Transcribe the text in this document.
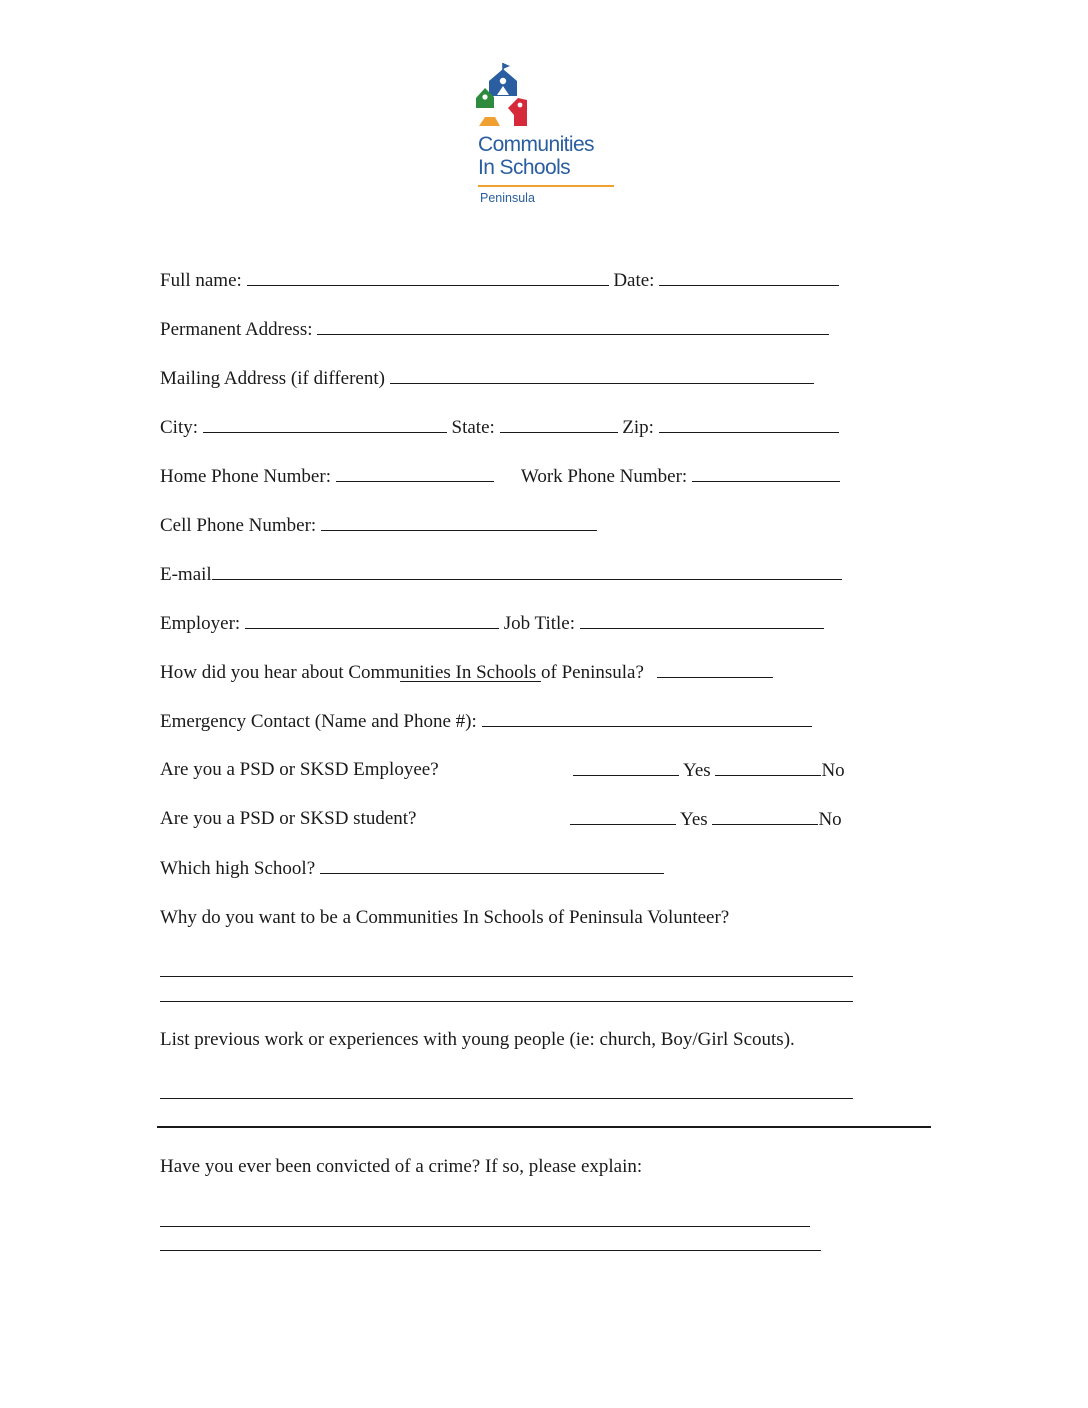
Communities
In Schools
Peninsula
Full name:	Date:
Permanent Address:
Mailing Address (if different)
City:	State:	Zip:
Home Phone Number:	Work Phone Number:
Cell Phone Number:
E-mail
Employer:	Job Title:
How did you hear about Communities In Schools of Peninsula?
Emergency Contact (Name and Phone #):
Are you a PSD or SKSD Employee?	Yes	No
Are you a PSD or SKSD student?	Yes	No
Which high School?
Why do you want to be a Communities In Schools of Peninsula Volunteer?
List previous work or experiences with young people (ie: church, Boy/Girl Scouts).
Have you ever been convicted of a crime? If so, please explain:
